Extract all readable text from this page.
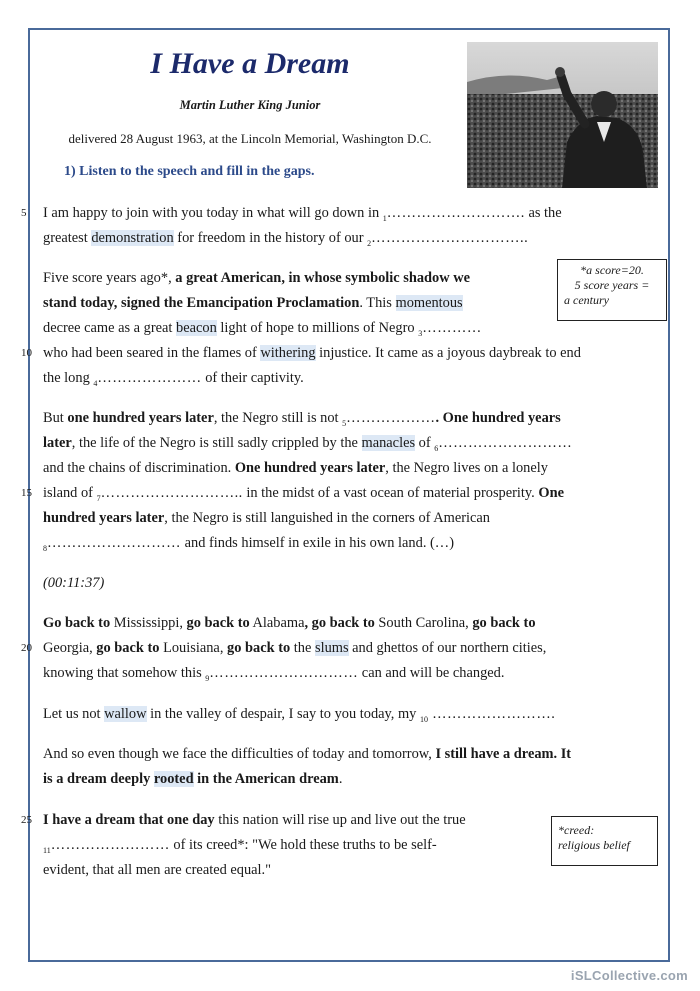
I Have a Dream
Martin Luther King Junior
delivered 28 August 1963, at the Lincoln Memorial, Washington D.C.
1) Listen to the speech and fill in the gaps.
5	I am happy to join with you today in what will go down in $_1$………………………. as the
greatest demonstration for freedom in the history of our $_2$…………………………..
Five score years ago*, a great American, in whose symbolic shadow we
stand today, signed the Emancipation Proclamation. This momentous
decree came as a great beacon light of hope to millions of Negro $_3$…………
10 who had been seared in the flames of withering injustice. It came as a joyous daybreak to end
the long $_4$………………… of their captivity.
But one hundred years later, the Negro still is not $_5$………………. One hundred years
later, the life of the Negro is still sadly crippled by the manacles of $_6$………………………
and the chains of discrimination. One hundred years later, the Negro lives on a lonely
15 island of $_7$……………………….. in the midst of a vast ocean of material prosperity. One
hundred years later, the Negro is still languished in the corners of American
$_8$……………………… and finds himself in exile in his own land. (…)
(00:11:37)
Go back to Mississippi, go back to Alabama, go back to South Carolina, go back to
20 Georgia, go back to Louisiana, go back to the slums and ghettos of our northern cities,
knowing that somehow this $_9$………………………… can and will be changed.
Let us not wallow in the valley of despair, I say to you today, my $_{10}$ …………………….
And so even though we face the difficulties of today and tomorrow, I still have a dream. It
is a dream deeply rooted in the American dream.
25 I have a dream that one day this nation will rise up and live out the true
$_{11}$…………………… of its creed*: "We hold these truths to be self-
evident, that all men are created equal."
*a score=20.
5 score years =
a century
*creed:
religious belief
iSLCollective.com
